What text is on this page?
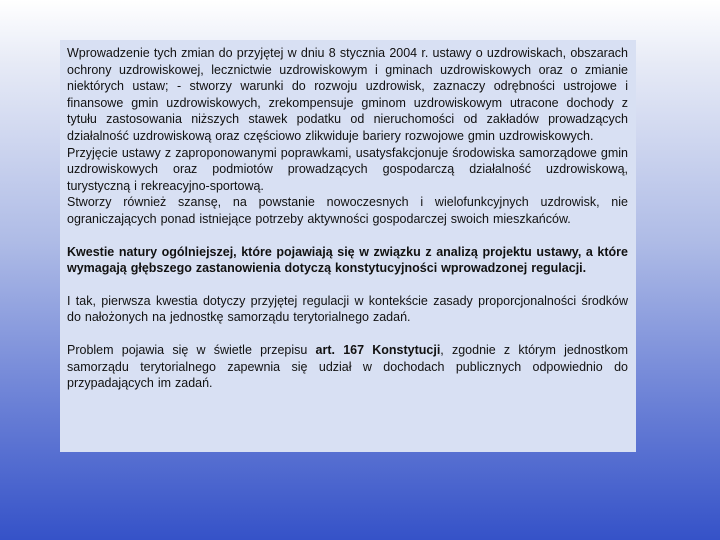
Wprowadzenie tych zmian do przyjętej w dniu 8 stycznia 2004 r. ustawy o uzdrowiskach, obszarach ochrony uzdrowiskowej, lecznictwie uzdrowiskowym i gminach uzdrowiskowych oraz o zmianie niektórych ustaw; - stworzy warunki do rozwoju uzdrowisk, zaznaczy odrębności ustrojowe i finansowe gmin uzdrowiskowych, zrekompensuje gminom uzdrowiskowym utracone dochody z tytułu zastosowania niższych stawek podatku od nieruchomości od zakładów prowadzących działalność uzdrowiskową oraz częściowo zlikwiduje bariery rozwojowe gmin uzdrowiskowych.

Przyjęcie ustawy z zaproponowanymi poprawkami, usatysfakcjonuje środowiska samorządowe gmin uzdrowiskowych oraz podmiotów prowadzących gospodarczą działalność uzdrowiskową, turystyczną i rekreacyjno-sportową.

Stworzy również szansę, na powstanie nowoczesnych i wielofunkcyjnych uzdrowisk, nie ograniczających ponad istniejące potrzeby aktywności gospodarczej swoich mieszkańców.

Kwestie natury ogólniejszej, które pojawiają się w związku z analizą projektu ustawy, a które wymagają głębszego zastanowienia dotyczą konstytucyjności wprowadzonej regulacji.

I tak, pierwsza kwestia dotyczy przyjętej regulacji w kontekście zasady proporcjonalności środków do nałożonych na jednostkę samorządu terytorialnego zadań.

Problem pojawia się w świetle przepisu art. 167 Konstytucji, zgodnie z którym jednostkom samorządu terytorialnego zapewnia się udział w dochodach publicznych odpowiednio do przypadających im zadań.
